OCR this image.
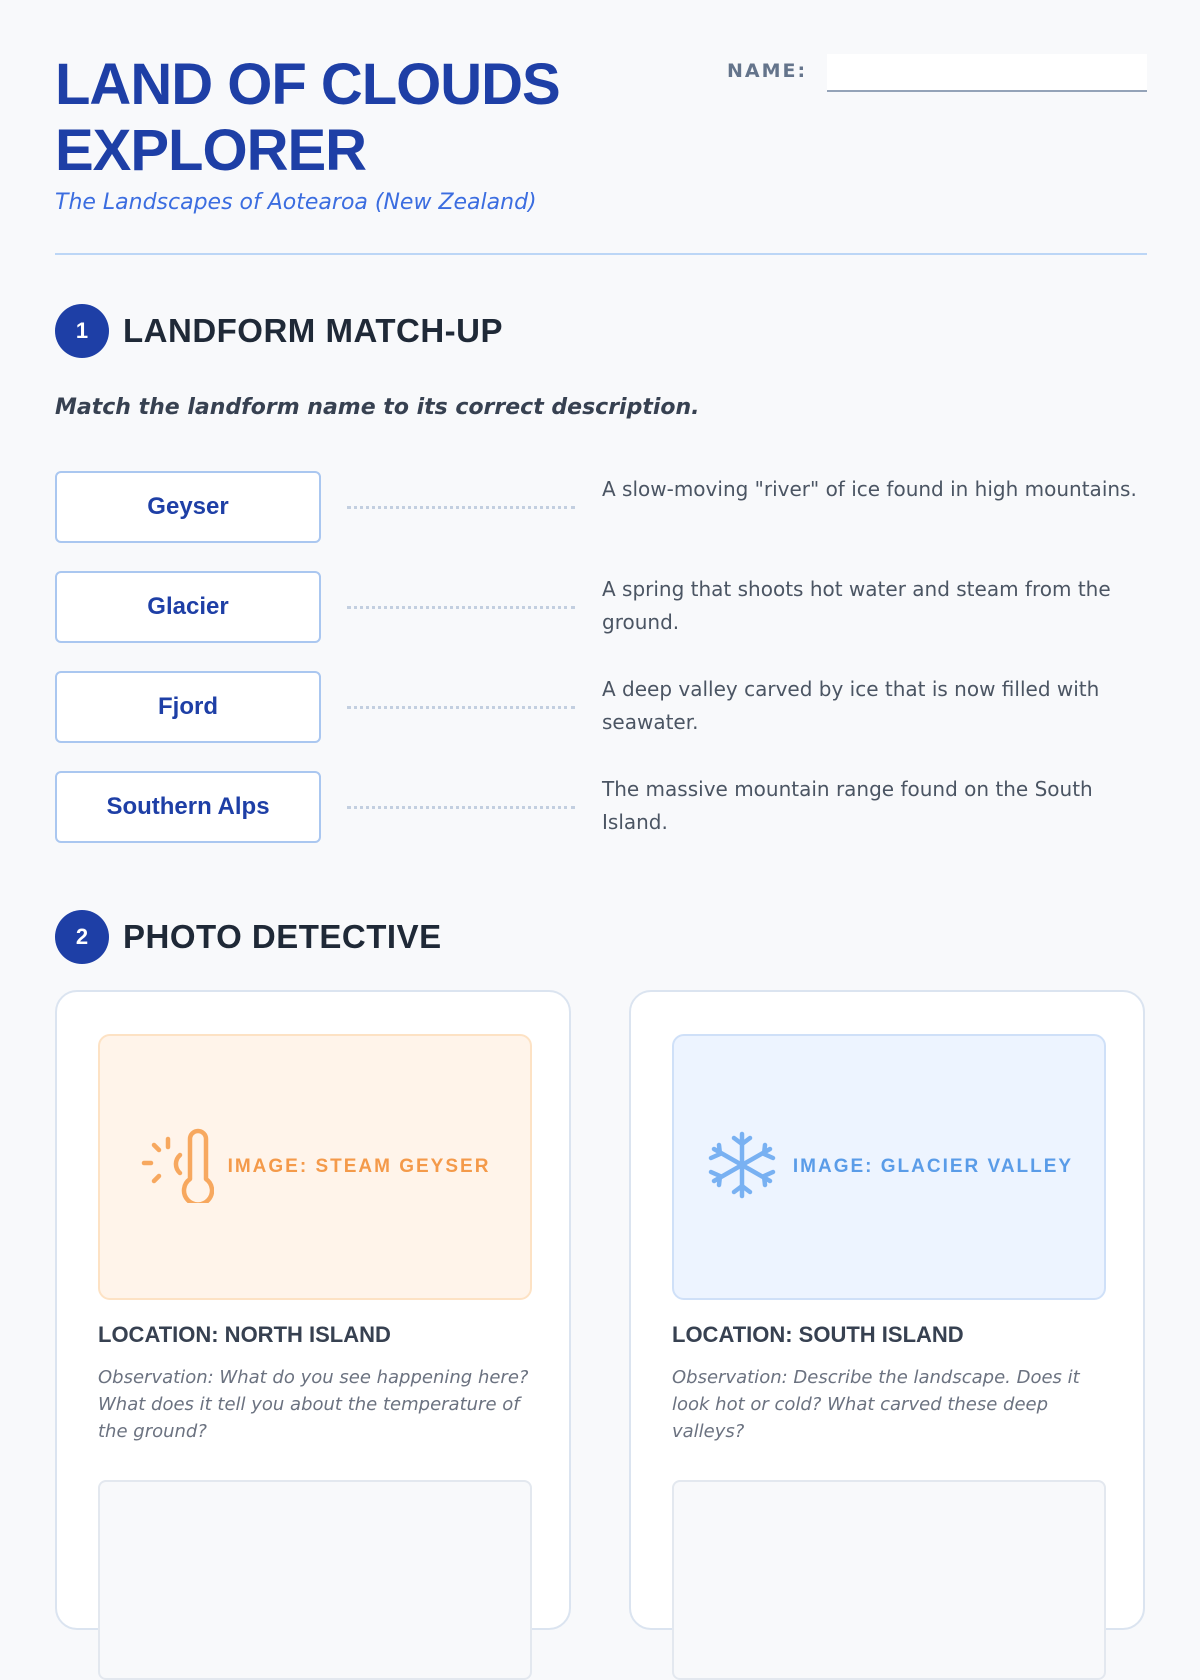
LAND OF CLOUDS
EXPLORER
The Landscapes of Aotearoa (New Zealand)
NAME:
1	LANDFORM MATCH-UP
Match the landform name to its correct description.
Geyser
A slow-moving "river" of ice found in high mountains.
Glacier
A spring that shoots hot water and steam from the ground.
Fjord
A deep valley carved by ice that is now filled with seawater.
Southern Alps
The massive mountain range found on the South Island.
2	PHOTO DETECTIVE
IMAGE: STEAM GEYSER
LOCATION: NORTH ISLAND
Observation: What do you see happening here? What does it tell you about the temperature of the ground?
IMAGE: GLACIER VALLEY
LOCATION: SOUTH ISLAND
Observation: Describe the landscape. Does it look hot or cold? What carved these deep valleys?
